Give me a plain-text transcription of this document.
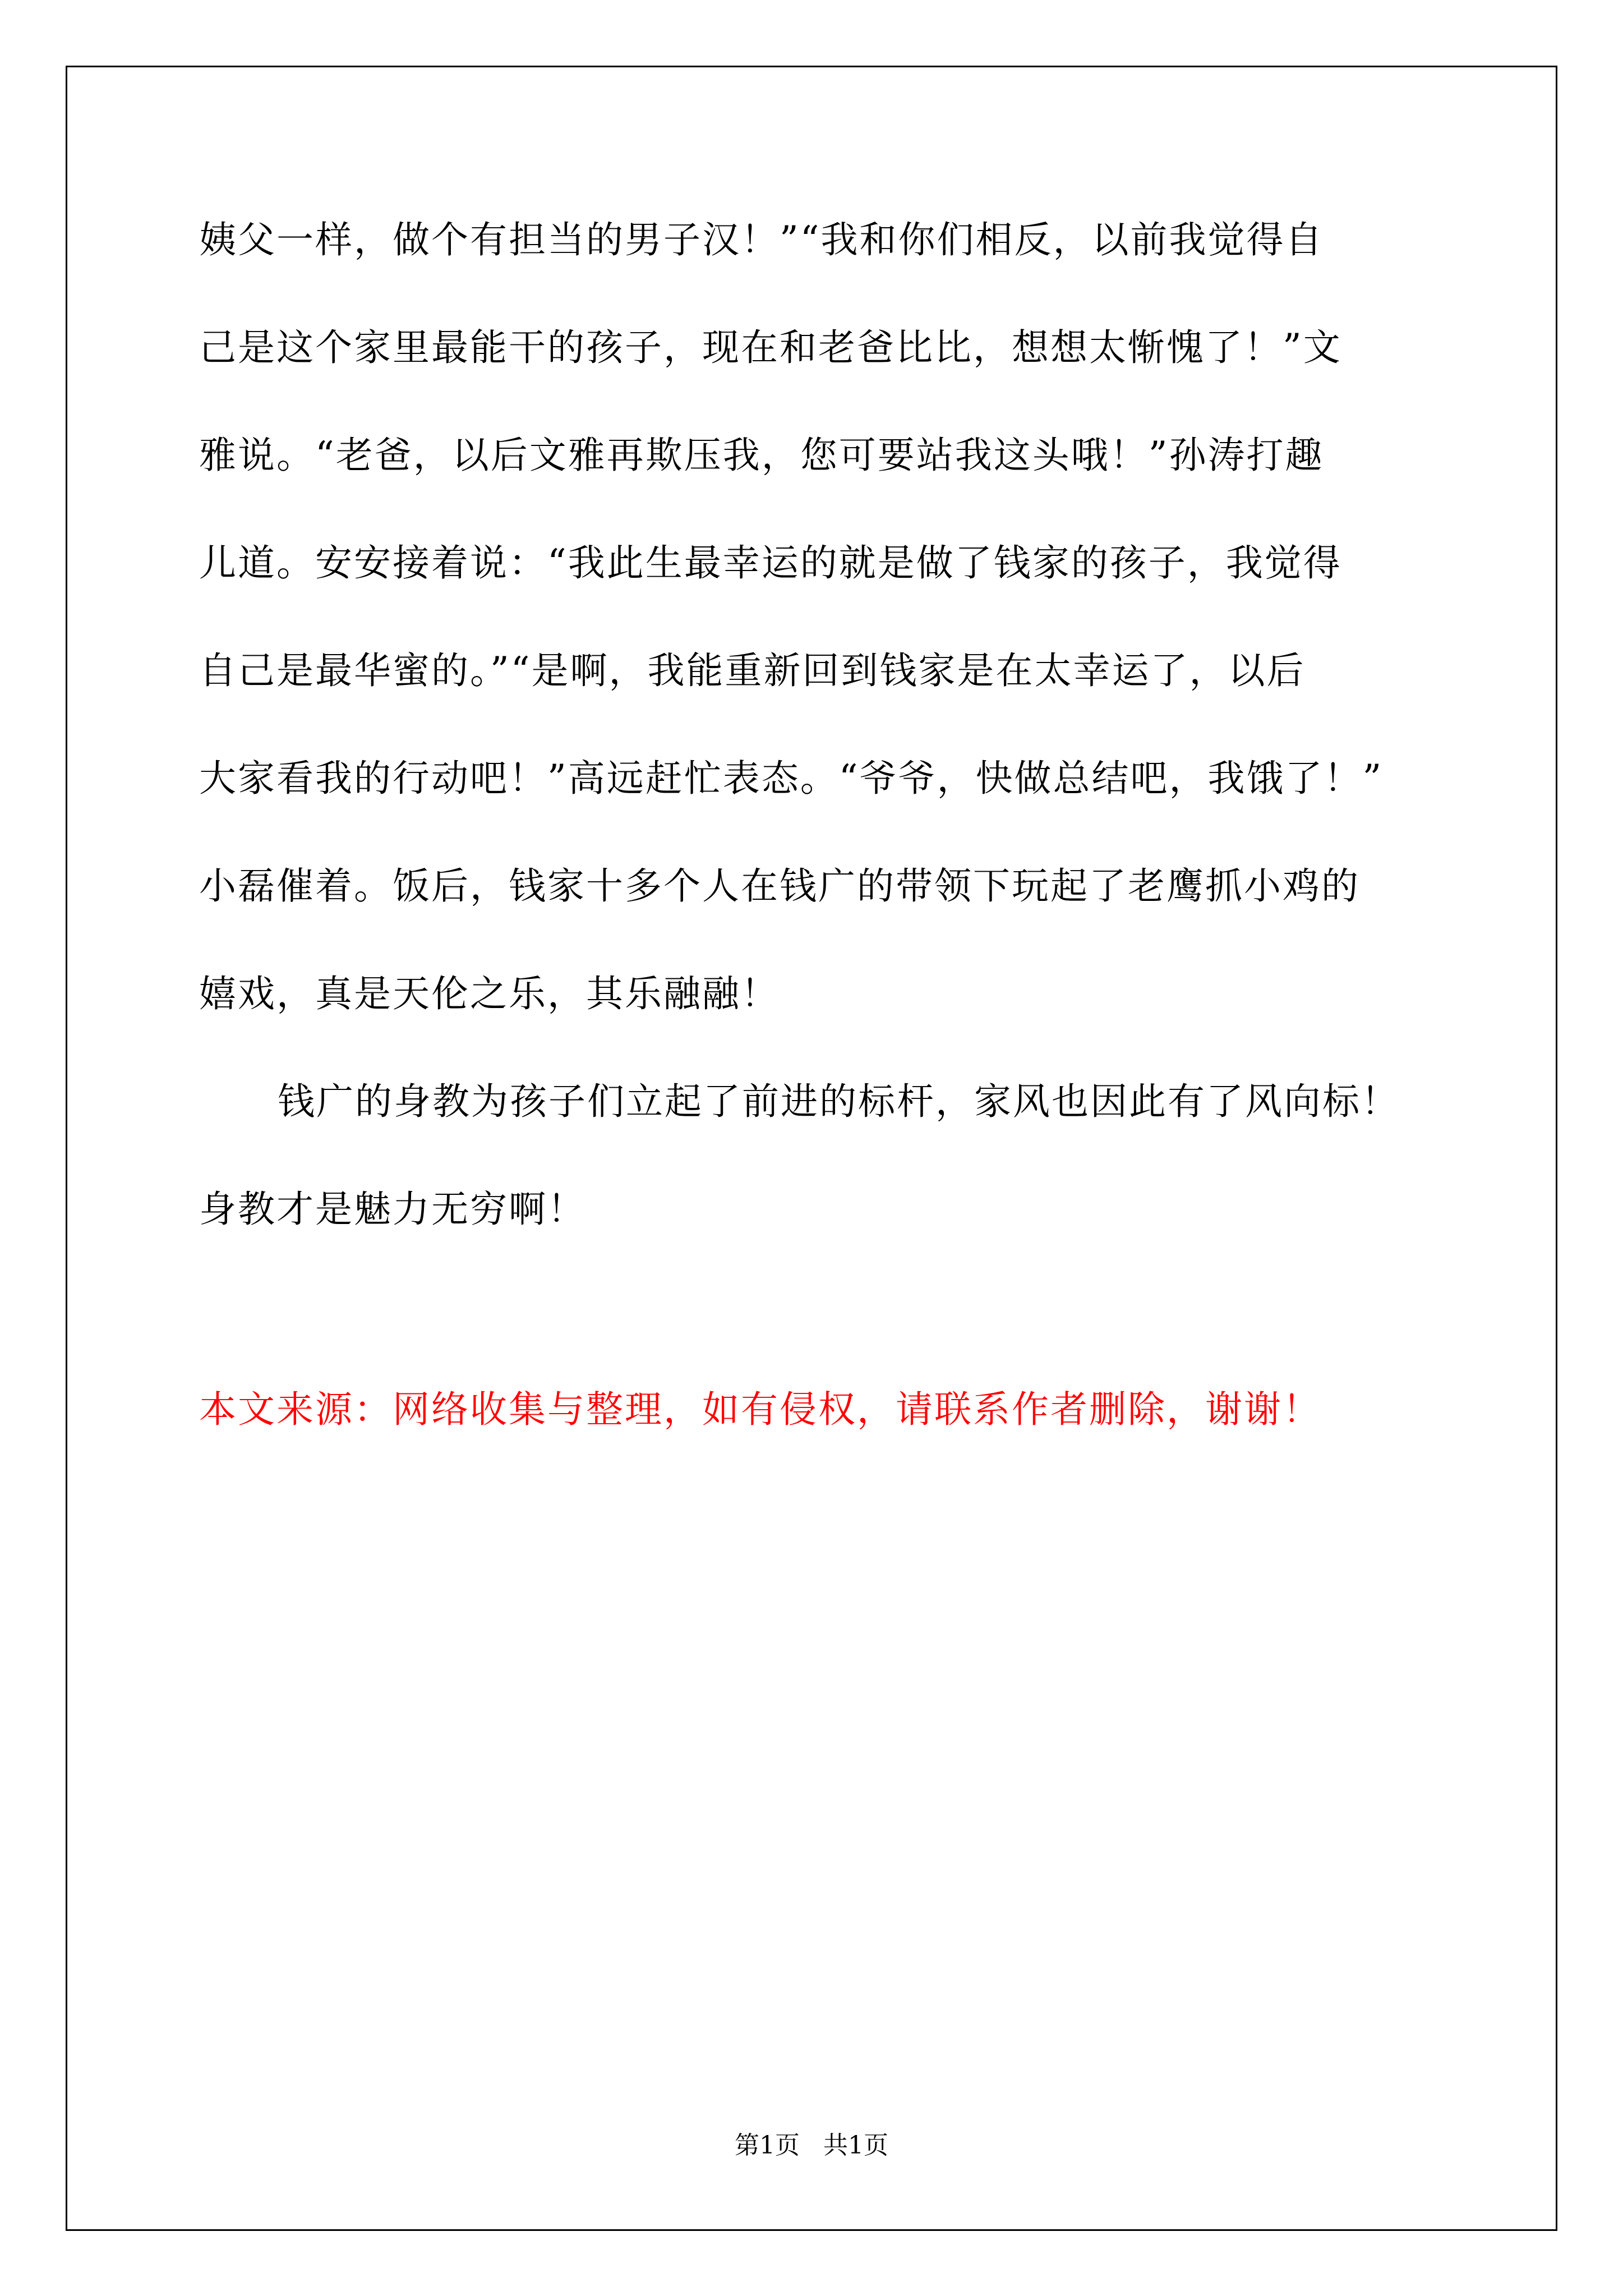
姨父一样，做个有担当的男子汉！”“我和你们相反，以前我觉得自
己是这个家里最能干的孩子，现在和老爸比比，想想太惭愧了！”文
雅说。“老爸，以后文雅再欺压我，您可要站我这头哦！”孙涛打趣
儿道。安安接着说：“我此生最幸运的就是做了钱家的孩子，我觉得
自己是最华蜜的。”“是啊，我能重新回到钱家是在太幸运了，以后
大家看我的行动吧！”高远赶忙表态。“爷爷，快做总结吧，我饿了！”
小磊催着。饭后，钱家十多个人在钱广的带领下玩起了老鹰抓小鸡的
嬉戏，真是天伦之乐，其乐融融！
钱广的身教为孩子们立起了前进的标杆，家风也因此有了风向标！
身教才是魅力无穷啊！
本文来源：网络收集与整理，如有侵权，请联系作者删除，谢谢！
第1页   共1页
